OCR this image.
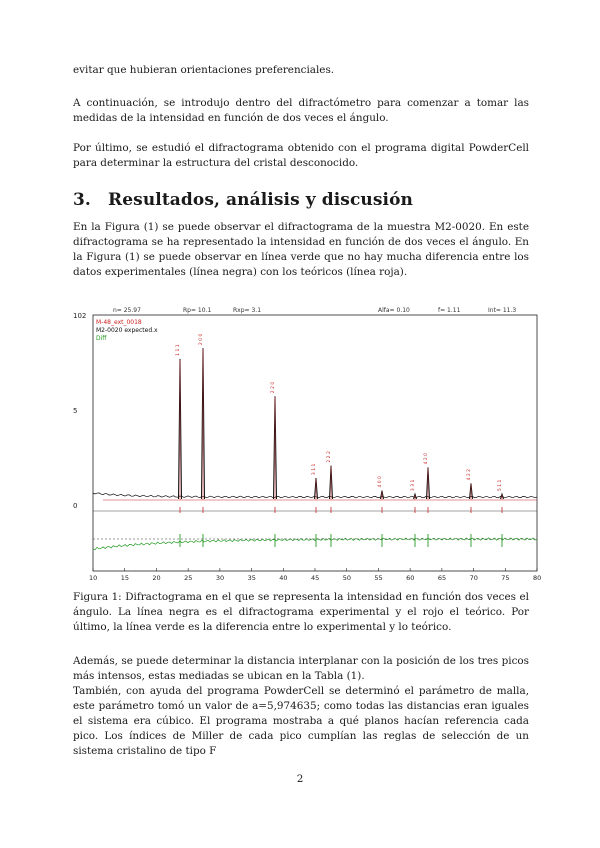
evitar que hubieran orientaciones preferenciales.

A continuación, se introdujo dentro del difractómetro para comenzar a tomar las medidas de la intensidad en función de dos veces el ángulo.

Por último, se estudió el difractograma obtenido con el programa digital PowderCell para determinar la estructura del cristal desconocido.

3. Resultados, análisis y discusión

En la Figura (1) se puede observar el difractograma de la muestra M2-0020. En este difractograma se ha representado la intensidad en función de dos veces el ángulo. En la Figura (1) se puede observar en línea verde que no hay mucha diferencia entre los datos experimentales (línea negra) con los teóricos (línea roja).

n= 25.97	Rp= 10.1	Rxp= 3.1	Alfa= 0.10	f= 1.11	Int= 11.3
M-48_ext_0018
M2-0020 expected.x
Diff
102
5
0
1 1 1
2 0 0
2 2 0
3 1 1
2 2 2
4 0 0	3 3 1
4 2 0
4 2 2
5 1 1
10	15	20	25	30	35	40	45	50	55	60	65	70	75	80

Figura 1: Difractograma en el que se representa la intensidad en función dos veces el ángulo. La línea negra es el difractograma experimental y el rojo el teórico. Por último, la línea verde es la diferencia entre lo experimental y lo teórico.

Además, se puede determinar la distancia interplanar con la posición de los tres picos más intensos, estas mediadas se ubican en la Tabla (1).

También, con ayuda del programa PowderCell se determinó el parámetro de malla, este parámetro tomó un valor de a=5,974635; como todas las distancias eran iguales el sistema era cúbico. El programa mostraba a qué planos hacían referencia cada pico. Los índices de Miller de cada pico cumplían las reglas de selección de un sistema cristalino de tipo F

2
